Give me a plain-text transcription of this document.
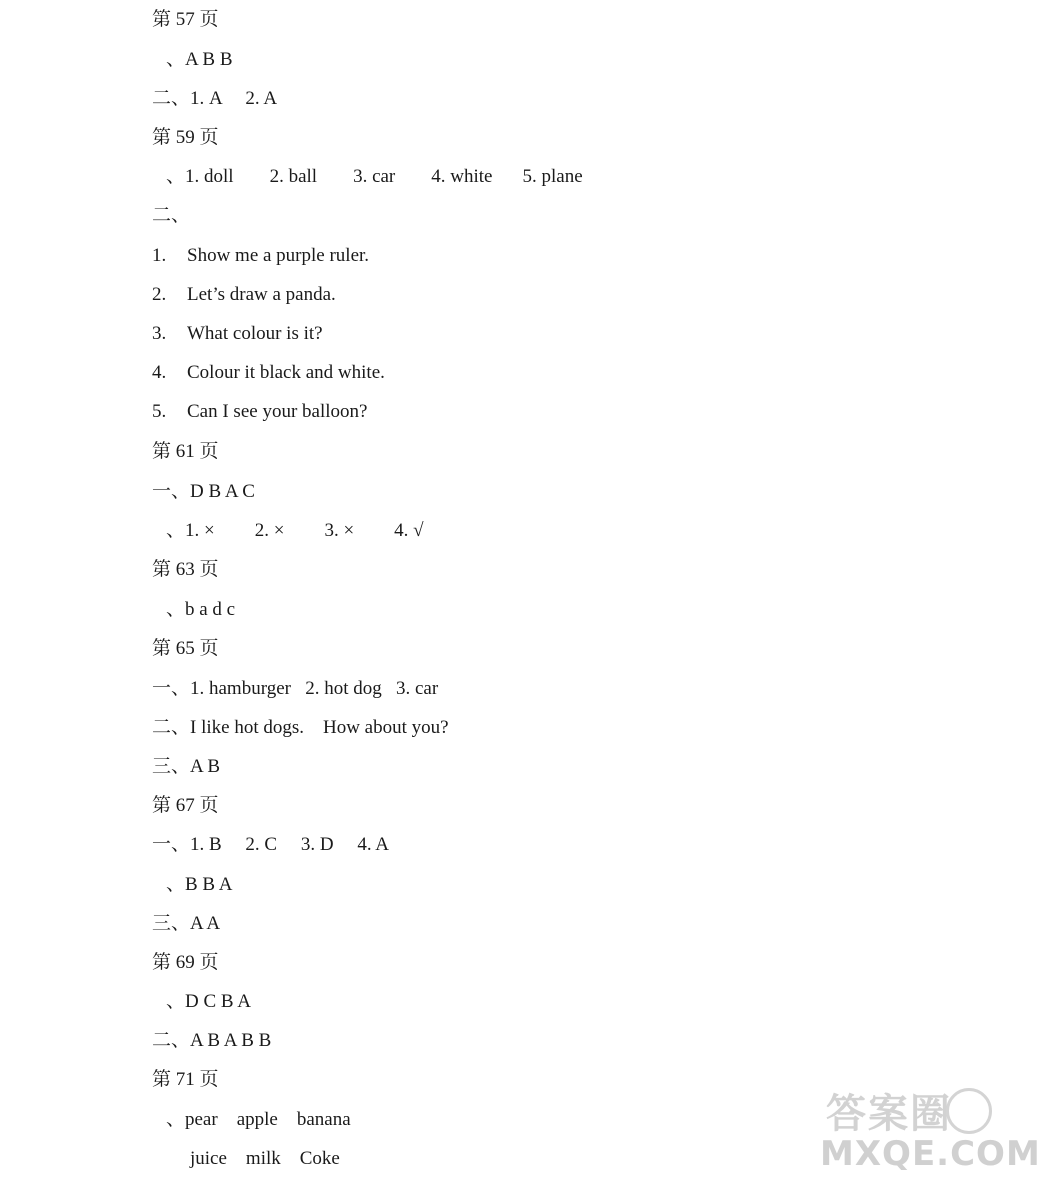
第 57 页
、A B B
二、1. A     2. A
第 59 页
、1. doll 2. ball 3. car 4. white 5. plane
二、
1. Show me a purple ruler.
2. Let’s draw a panda.
3. What colour is it?
4. Colour it black and white.
5. Can I see your balloon?
第 61 页
一、D B A C
、1. × 2. × 3. × 4. √
第 63 页
、b a d c
第 65 页
一、1. hamburger   2. hot dog   3. car
二、I like hot dogs.    How about you?
三、A B
第 67 页
一、1. B     2. C     3. D     4. A
、B B A
三、A A
第 69 页
、D C B A
二、A B A B B
第 71 页
、pear    apple    banana
juice    milk    Coke
答案圈
MXQE.COM
